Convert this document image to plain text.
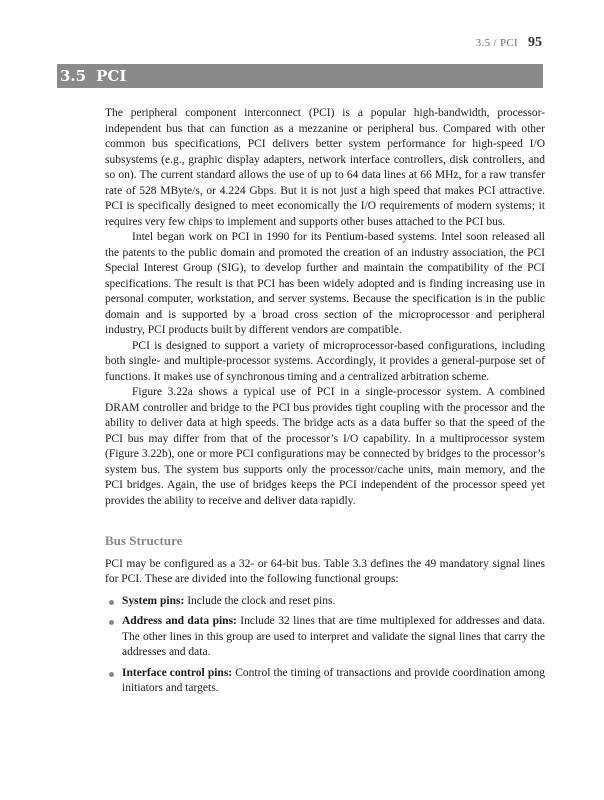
3.5 / PCI 95
3.5 PCI

The peripheral component interconnect (PCI) is a popular high-bandwidth, processor-independent bus that can function as a mezzanine or peripheral bus. Compared with other common bus specifications, PCI delivers better system performance for high-speed I/O subsystems (e.g., graphic display adapters, network interface controllers, disk controllers, and so on). The current standard allows the use of up to 64 data lines at 66 MHz, for a raw transfer rate of 528 MByte/s, or 4.224 Gbps. But it is not just a high speed that makes PCI attractive. PCI is specifically designed to meet economically the I/O requirements of modern systems; it requires very few chips to implement and supports other buses attached to the PCI bus.

Intel began work on PCI in 1990 for its Pentium-based systems. Intel soon released all the patents to the public domain and promoted the creation of an industry association, the PCI Special Interest Group (SIG), to develop further and maintain the compatibility of the PCI specifications. The result is that PCI has been widely adopted and is finding increasing use in personal computer, workstation, and server systems. Because the specification is in the public domain and is supported by a broad cross section of the microprocessor and peripheral industry, PCI products built by different vendors are compatible.

PCI is designed to support a variety of microprocessor-based configurations, including both single- and multiple-processor systems. Accordingly, it provides a general-purpose set of functions. It makes use of synchronous timing and a centralized arbitration scheme.

Figure 3.22a shows a typical use of PCI in a single-processor system. A combined DRAM controller and bridge to the PCI bus provides tight coupling with the processor and the ability to deliver data at high speeds. The bridge acts as a data buffer so that the speed of the PCI bus may differ from that of the processor’s I/O capability. In a multiprocessor system (Figure 3.22b), one or more PCI configurations may be connected by bridges to the processor’s system bus. The system bus supports only the processor/cache units, main memory, and the PCI bridges. Again, the use of bridges keeps the PCI independent of the processor speed yet provides the ability to receive and deliver data rapidly.

Bus Structure

PCI may be configured as a 32- or 64-bit bus. Table 3.3 defines the 49 mandatory signal lines for PCI. These are divided into the following functional groups:

System pins: Include the clock and reset pins.
Address and data pins: Include 32 lines that are time multiplexed for addresses and data. The other lines in this group are used to interpret and validate the signal lines that carry the addresses and data.
Interface control pins: Control the timing of transactions and provide coordination among initiators and targets.
